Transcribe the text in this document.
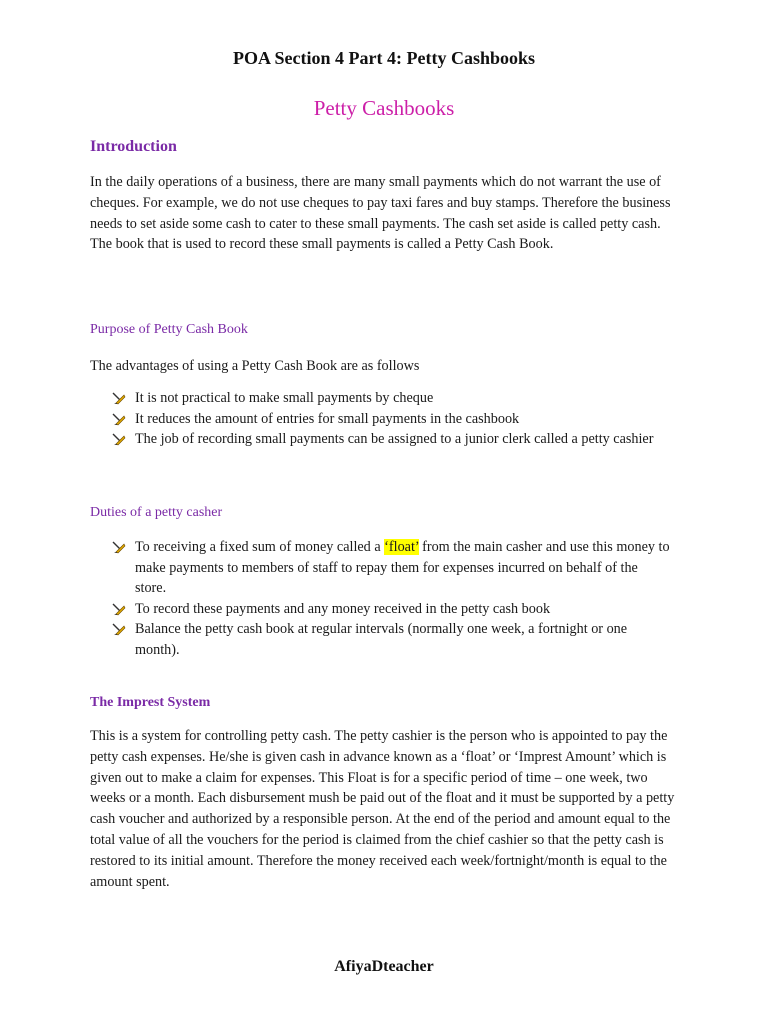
POA Section 4 Part 4: Petty Cashbooks
Petty Cashbooks
Introduction
In the daily operations of a business, there are many small payments which do not warrant the use of cheques. For example, we do not use cheques to pay taxi fares and buy stamps. Therefore the business needs to set aside some cash to cater to these small payments. The cash set aside is called petty cash. The book that is used to record these small payments is called a Petty Cash Book.
Purpose of Petty Cash Book
The advantages of using a Petty Cash Book are as follows
It is not practical to make small payments by cheque
It reduces the amount of entries for small payments in the cashbook
The job of recording small payments can be assigned to a junior clerk called a petty cashier
Duties of a petty casher
To receiving a fixed sum of money called a ‘float’ from the main casher and use this money to make payments to members of staff to repay them for expenses incurred on behalf of the store.
To record these payments and any money received in the petty cash book
Balance the petty cash book at regular intervals (normally one week, a fortnight or one month).
The Imprest System
This is a system for controlling petty cash. The petty cashier is the person who is appointed to pay the petty cash expenses. He/she is given cash in advance known as a ‘float’ or ‘Imprest Amount’ which is given out to make a claim for expenses. This Float is for a specific period of time – one week, two weeks or a month. Each disbursement mush be paid out of the float and it must be supported by a petty cash voucher and authorized by a responsible person. At the end of the period and amount equal to the total value of all the vouchers for the period is claimed from the chief cashier so that the petty cash is restored to its initial amount. Therefore the money received each week/fortnight/month is equal to the amount spent.
AfiyaDteacher
